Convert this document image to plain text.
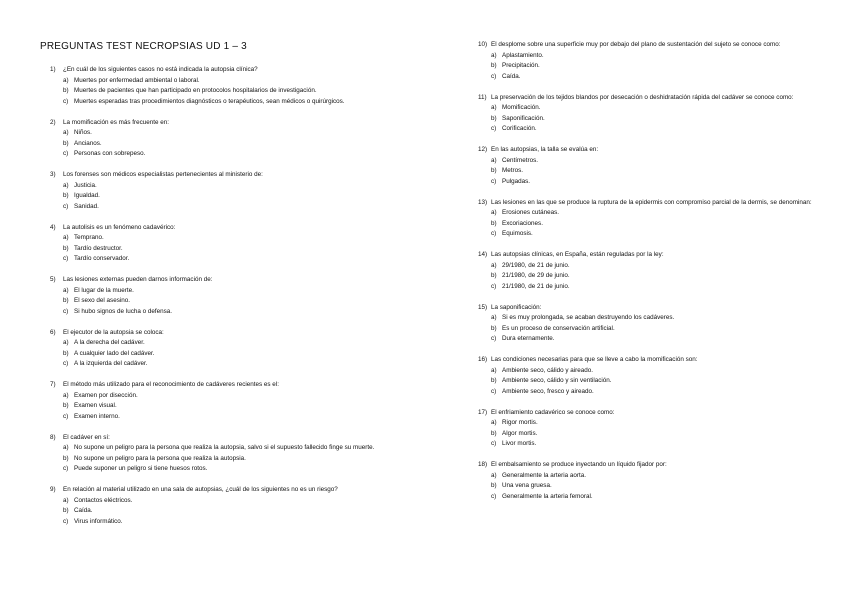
PREGUNTAS TEST NECROPSIAS UD 1 – 3
1)	¿En cuál de los siguientes casos no está indicada la autopsia clínica?
a) Muertes por enfermedad ambiental o laboral.
b) Muertes de pacientes que han participado en protocolos hospitalarios de investigación.
c) Muertes esperadas tras procedimientos diagnósticos o terapéuticos, sean médicos o quirúrgicos.
2)	La momificación es más frecuente en:
a) Niños.
b) Ancianos.
c) Personas con sobrepeso.
3)	Los forenses son médicos especialistas pertenecientes al ministerio de:
a) Justicia.
b) Igualdad.
c) Sanidad.
4)	La autolisis es un fenómeno cadavérico:
a) Temprano.
b) Tardío destructor.
c) Tardío conservador.
5)	Las lesiones externas pueden darnos información de:
a) El lugar de la muerte.
b) El sexo del asesino.
c) Si hubo signos de lucha o defensa.
6)	El ejecutor de la autopsia se coloca:
a) A la derecha del cadáver.
b) A cualquier lado del cadáver.
c) A la izquierda del cadáver.
7)	El método más utilizado para el reconocimiento de cadáveres recientes es el:
a) Examen por disección.
b) Examen visual.
c) Examen interno.
8)	El cadáver en sí:
a) No supone un peligro para la persona que realiza la autopsia, salvo si el supuesto fallecido finge su muerte.
b) No supone un peligro para la persona que realiza la autopsia.
c) Puede suponer un peligro si tiene huesos rotos.
9)	En relación al material utilizado en una sala de autopsias, ¿cuál de los siguientes no es un riesgo?
a) Contactos eléctricos.
b) Caída.
c) Virus informático.
10) El desplome sobre una superficie muy por debajo del plano de sustentación del sujeto se conoce como:
a) Aplastamiento.
b) Precipitación.
c) Caída.
11) La preservación de los tejidos blandos por desecación o deshidratación rápida del cadáver se conoce como:
a) Momificación.
b) Saponificación.
c) Corificación.
12) En las autopsias, la talla se evalúa en:
a) Centímetros.
b) Metros.
c) Pulgadas.
13) Las lesiones en las que se produce la ruptura de la epidermis con compromiso parcial de la dermis, se denominan:
a) Erosiones cutáneas.
b) Excoriaciones.
c) Equimosis.
14) Las autopsias clínicas, en España, están reguladas por la ley:
a) 29/1980, de 21 de junio.
b) 21/1980, de 29 de junio.
c) 21/1980, de 21 de junio.
15) La saponificación:
a) Si es muy prolongada, se acaban destruyendo los cadáveres.
b) Es un proceso de conservación artificial.
c) Dura eternamente.
16) Las condiciones necesarias para que se lleve a cabo la momificación son:
a) Ambiente seco, cálido y aireado.
b) Ambiente seco, cálido y sin ventilación.
c) Ambiente seco, fresco y aireado.
17) El enfriamiento cadavérico se conoce como:
a) Rigor mortis.
b) Algor mortis.
c) Livor mortis.
18) El embalsamiento se produce inyectando un líquido fijador por:
a) Generalmente la arteria aorta.
b) Una vena gruesa.
c) Generalmente la arteria femoral.
